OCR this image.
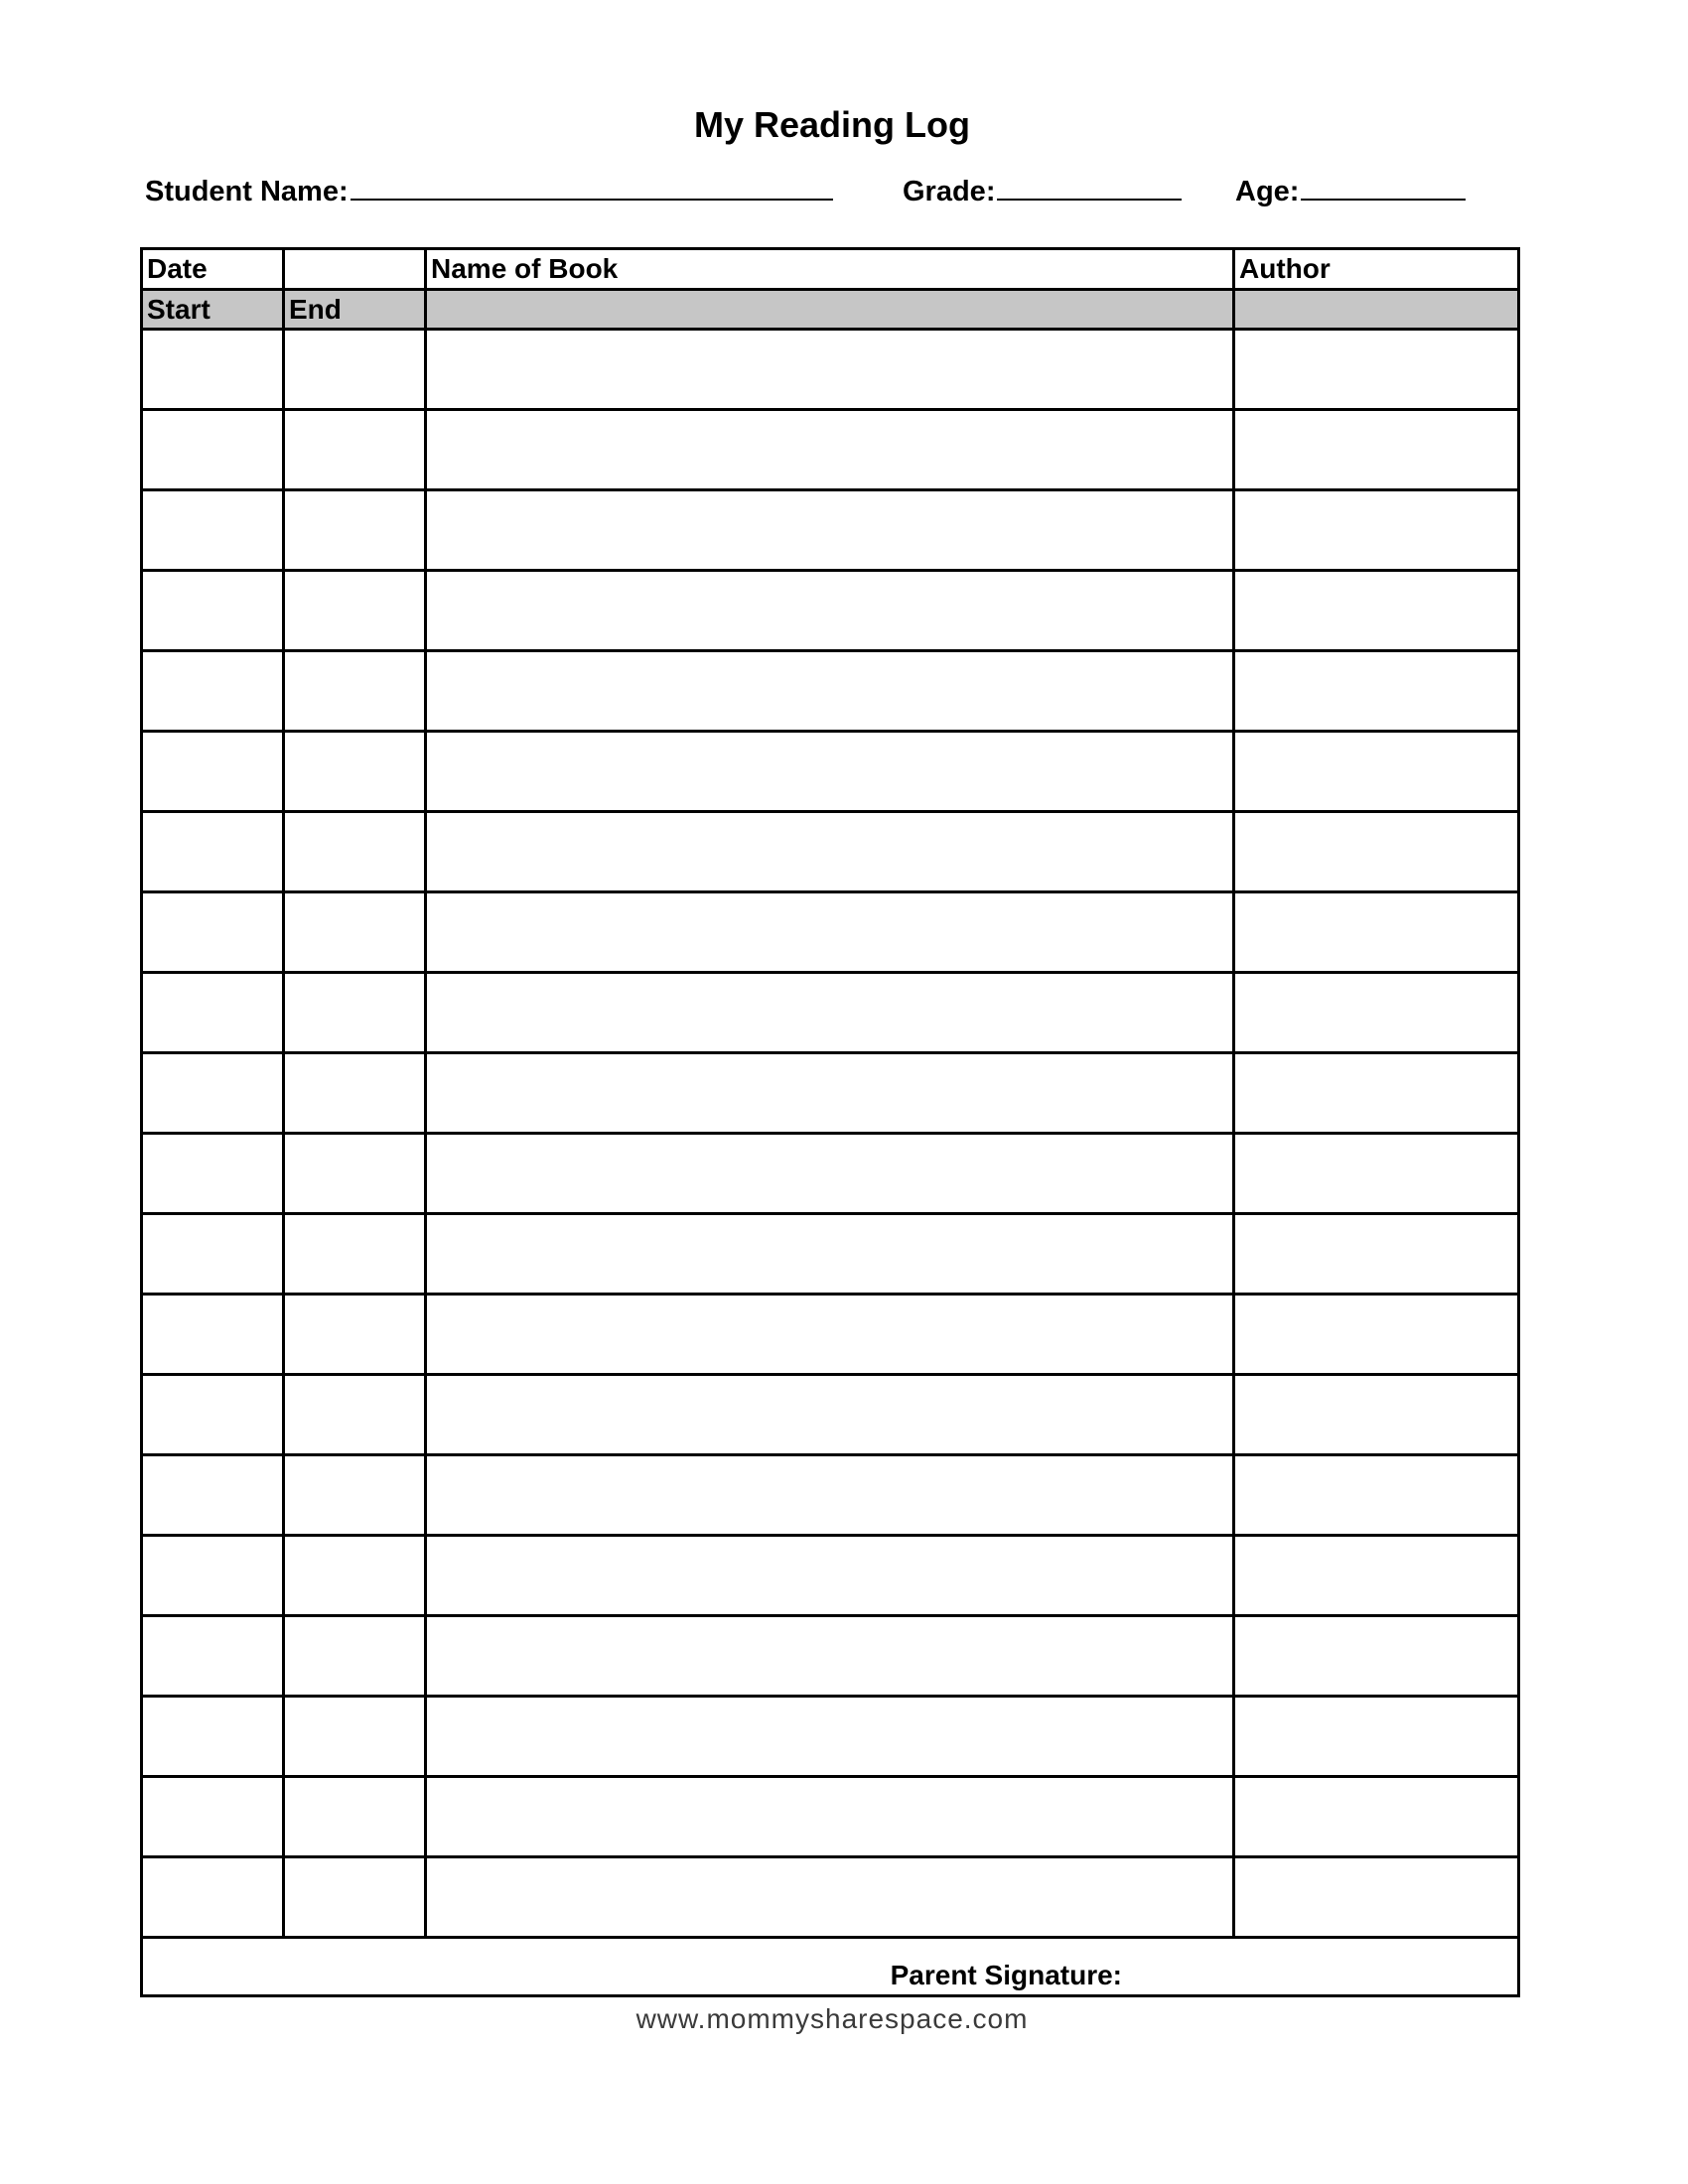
My Reading Log
Student Name:	Grade:	Age:
Date		Name of Book	Author
Start	End		

Parent Signature:			
www.mommysharespace.com
